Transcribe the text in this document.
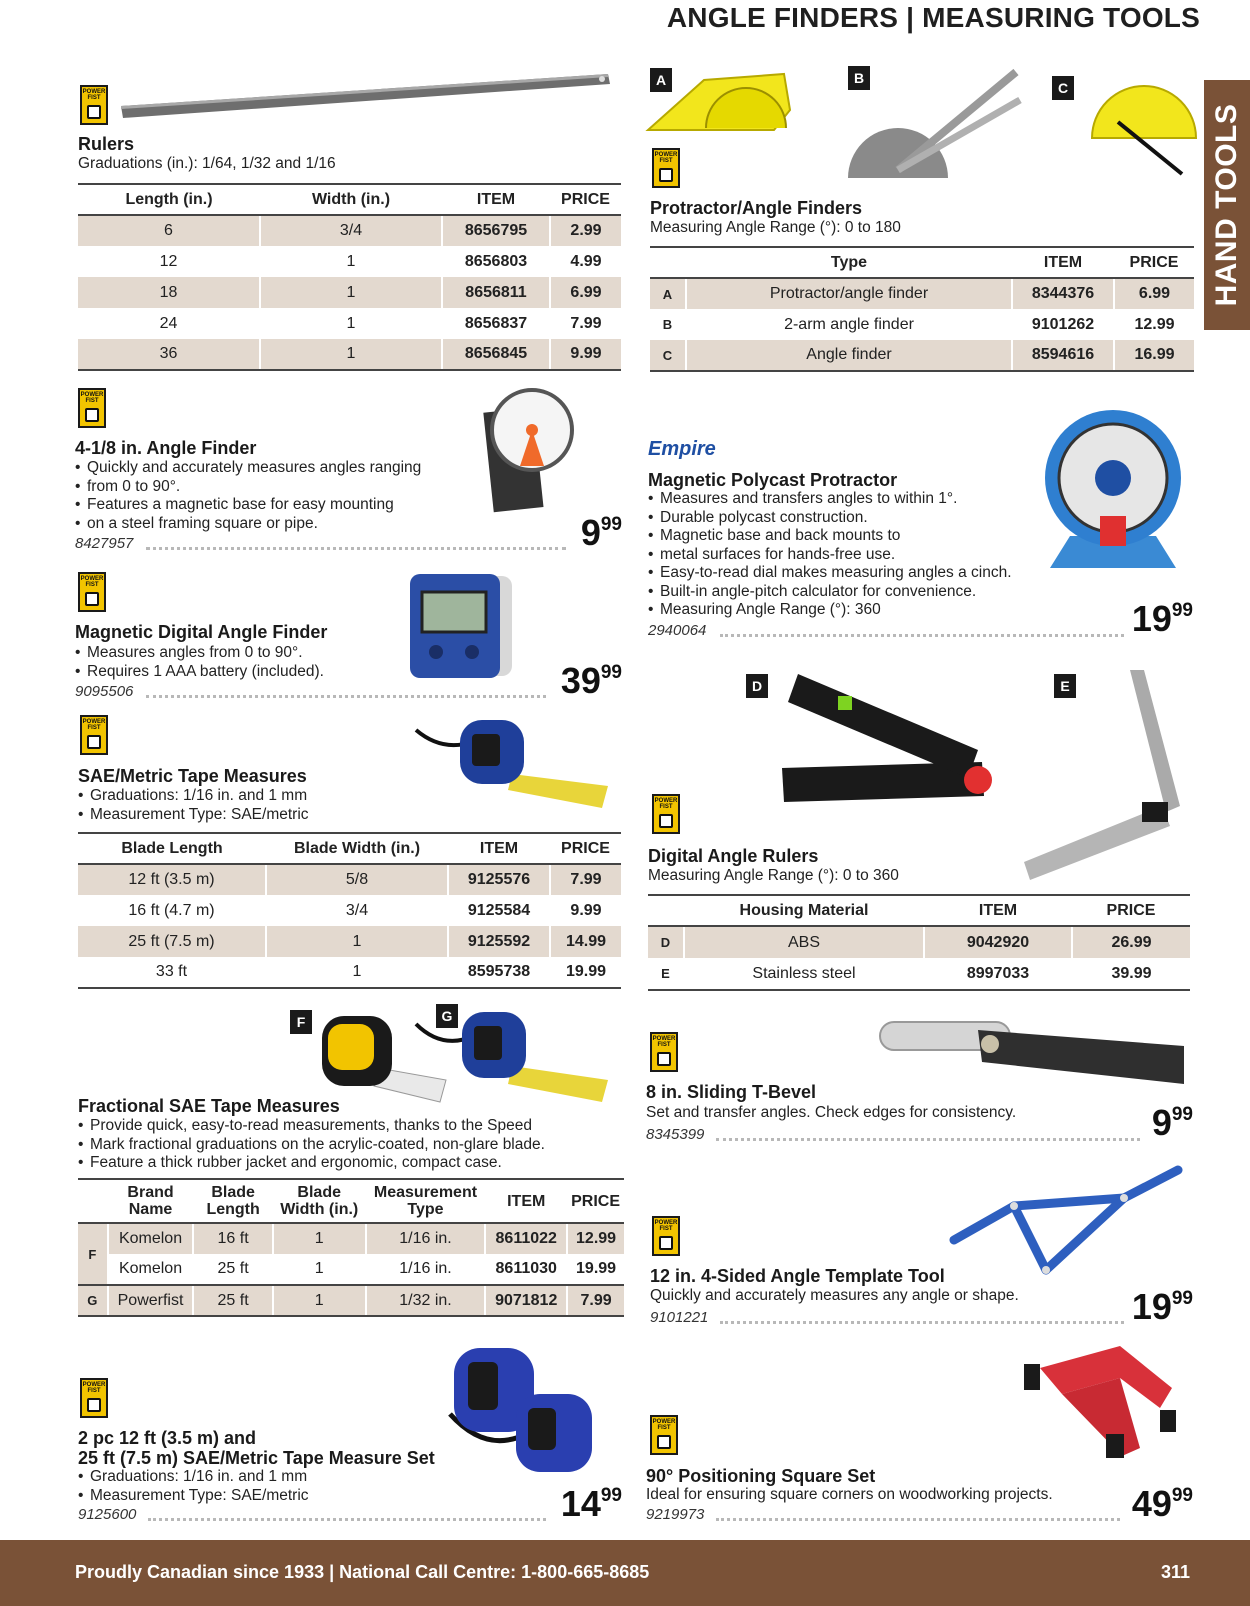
ANGLE FINDERS | MEASURING TOOLS
HAND TOOLS
POWER FIST
Rulers
Graduations (in.): 1/64, 1/32 and 1/16
Length (in.)	Width (in.)	ITEM	PRICE
6	3/4	8656795	2.99
12	1	8656803	4.99
18	1	8656811	6.99
24	1	8656837	7.99
36	1	8656845	9.99
POWER FIST
4-1/8 in. Angle Finder
• Quickly and accurately measures angles ranging
• from 0 to 90°.
• Features a magnetic base for easy mounting
• on a steel framing square or pipe.
8427957	999
POWER FIST
Magnetic Digital Angle Finder
• Measures angles from 0 to 90°.
• Requires 1 AAA battery (included).
9095506	3999
POWER FIST
SAE/Metric Tape Measures
• Graduations: 1/16 in. and 1 mm
• Measurement Type: SAE/metric
Blade Length	Blade Width (in.)	ITEM	PRICE
12 ft (3.5 m)	5/8	9125576	7.99
16 ft (4.7 m)	3/4	9125584	9.99
25 ft (7.5 m)	1	9125592	14.99
33 ft	1	8595738	19.99
F	G
Fractional SAE Tape Measures
• Provide quick, easy-to-read measurements, thanks to the Speed
• Mark fractional graduations on the acrylic-coated, non-glare blade.
• Feature a thick rubber jacket and ergonomic, compact case.
	Brand Name	Blade Length	Blade Width (in.)	Measurement Type	ITEM	PRICE
F	Komelon	16 ft	1	1/16 in.	8611022	12.99
	Komelon	25 ft	1	1/16 in.	8611030	19.99
G	Powerfist	25 ft	1	1/32 in.	9071812	7.99
POWER FIST
2 pc 12 ft (3.5 m) and
25 ft (7.5 m) SAE/Metric Tape Measure Set
• Graduations: 1/16 in. and 1 mm
• Measurement Type: SAE/metric
9125600	1499
A	B
C
POWER FIST
Protractor/Angle Finders
Measuring Angle Range (°): 0 to 180
	Type	ITEM	PRICE
A	Protractor/angle finder	8344376	6.99
B	2-arm angle finder	9101262	12.99
C	Angle finder	8594616	16.99
Empire
Magnetic Polycast Protractor
• Measures and transfers angles to within 1°.
• Durable polycast construction.
• Magnetic base and back mounts to
• metal surfaces for hands-free use.
• Easy-to-read dial makes measuring angles a cinch.
• Built-in angle-pitch calculator for convenience.
• Measuring Angle Range (°): 360
2940064	1999
D	E
POWER FIST
Digital Angle Rulers
Measuring Angle Range (°): 0 to 360
	Housing Material	ITEM	PRICE
D	ABS	9042920	26.99
E	Stainless steel	8997033	39.99
POWER FIST
8 in. Sliding T-Bevel
Set and transfer angles. Check edges for consistency.
8345399	999
POWER FIST
12 in. 4-Sided Angle Template Tool
Quickly and accurately measures any angle or shape.
9101221	1999
POWER FIST
90° Positioning Square Set
Ideal for ensuring square corners on woodworking projects.
9219973	4999
Proudly Canadian since 1933 | National Call Centre: 1-800-665-8685	311
